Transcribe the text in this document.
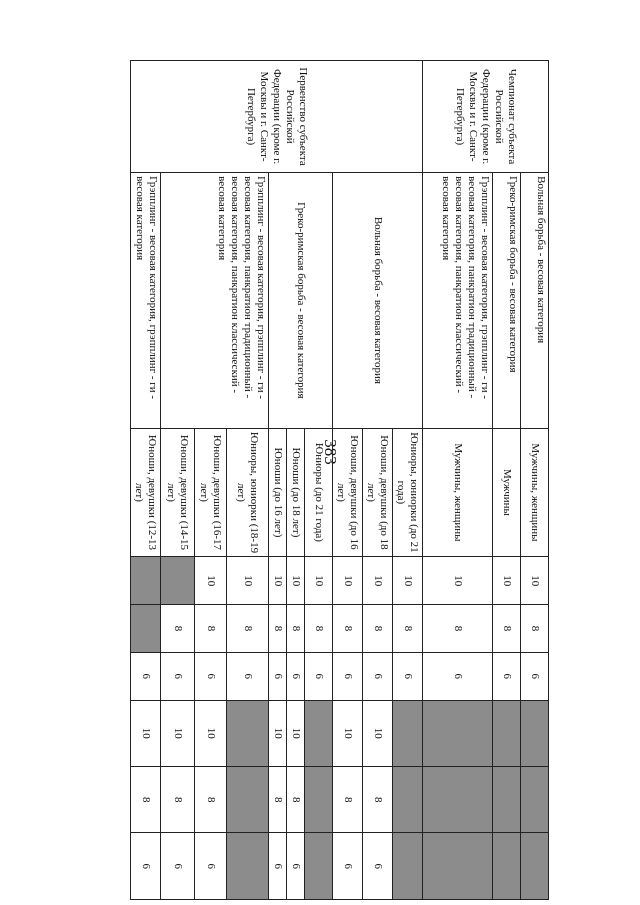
383
Чемпионат субъекта Российской Федерации (кроме г. Москвы и г. Санкт-Петербурга)	Вольная борьба - весовая категория	Мужчины, женщины	10	8	6			
	Греко-римская борьба - весовая категория	Мужчины	10	8	6			
	Грэпплинг - весовая категория, грэпплинг - ги - весовая категория, панкратион традиционный - весовая категория, панкратион классический - весовая категория	Мужчины, женщины	10	8	6			
Первенство субъекта Российской Федерации (кроме г. Москвы и г. Санкт-Петербурга)	Вольная борьба - весовая категория	Юниоры, юниорки (до 21 года)	10	8	6			
		Юноши, девушки (до 18 лет)	10	8	6	10	8	6
		Юноши, девушки (до 16 лет)	10	8	6	10	8	6
	Греко-римская борьба - весовая категория	Юниоры (до 21 года)	10	8	6			
		Юноши (до 18 лет)	10	8	6	10	8	6
		Юноши (до 16 лет)	10	8	6	10	8	6
	Грэпплинг - весовая категория, грэпплинг - ги - весовая категория, панкратион традиционный - весовая категория, панкратион классический - весовая категория	Юниоры, юниорки (18-19 лет)	10	8	6			
		Юноши, девушки (16-17 лет)	10	8	6	10	8	6
		Юноши, девушки (14-15 лет)		8	6	10	8	6
	Грэпплинг - весовая категория, грэпплинг - ги - весовая категория	Юноши, девушки (12-13 лет)			6	10	8	6
